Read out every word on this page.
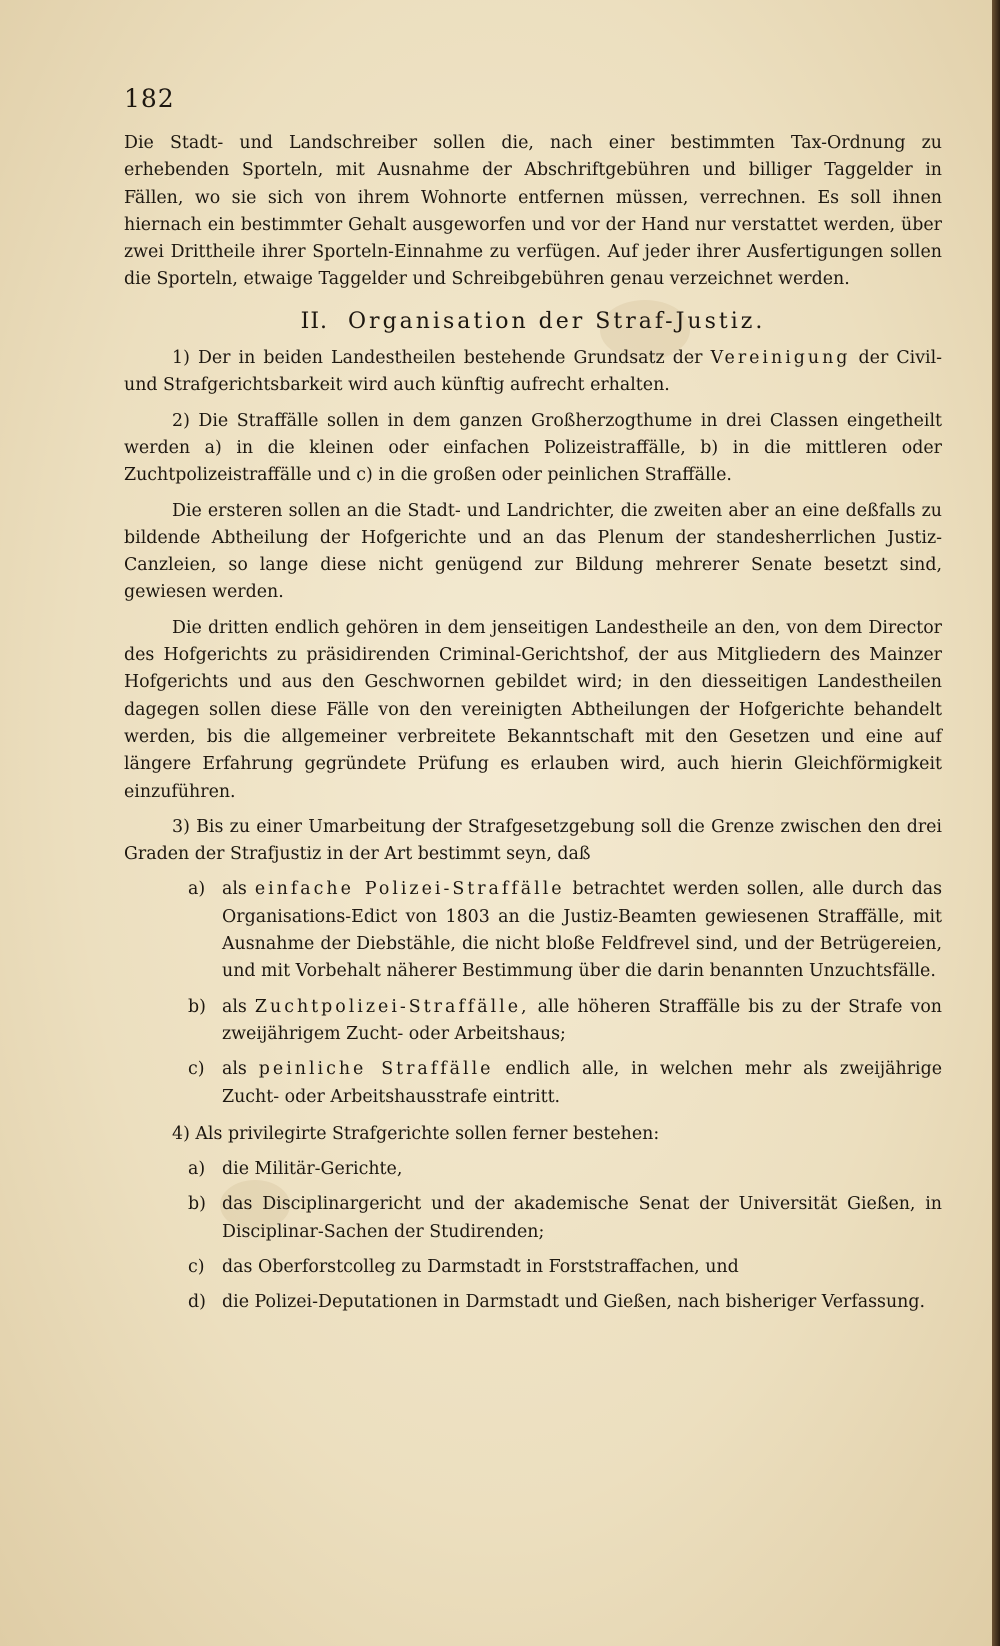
182

Die Stadt- und Landschreiber sollen die, nach einer bestimmten Tax-Ordnung zu erhebenden Sporteln, mit Ausnahme der Abschriftgebühren und billiger Taggelder in Fällen, wo sie sich von ihrem Wohnorte entfernen müssen, verrechnen. Es soll ihnen hiernach ein bestimmter Gehalt ausgeworfen und vor der Hand nur verstattet werden, über zwei Drittheile ihrer Sporteln-Einnahme zu verfügen. Auf jeder ihrer Ausfertigungen sollen die Sporteln, etwaige Taggelder und Schreibgebühren genau verzeichnet werden.

II. Organisation der Straf-Justiz.

1) Der in beiden Landestheilen bestehende Grundsatz der Vereinigung der Civil- und Strafgerichtsbarkeit wird auch künftig aufrecht erhalten.

2) Die Straffälle sollen in dem ganzen Großherzogthume in drei Classen eingetheilt werden a) in die kleinen oder einfachen Polizeistraffälle, b) in die mittleren oder Zuchtpolizeistraffälle und c) in die großen oder peinlichen Straffälle.

Die ersteren sollen an die Stadt- und Landrichter, die zweiten aber an eine deßfalls zu bildende Abtheilung der Hofgerichte und an das Plenum der standesherrlichen Justiz-Canzleien, so lange diese nicht genügend zur Bildung mehrerer Senate besetzt sind, gewiesen werden.

Die dritten endlich gehören in dem jenseitigen Landestheile an den, von dem Director des Hofgerichts zu präsidirenden Criminal-Gerichtshof, der aus Mitgliedern des Mainzer Hofgerichts und aus den Geschwornen gebildet wird; in den diesseitigen Landestheilen dagegen sollen diese Fälle von den vereinigten Abtheilungen der Hofgerichte behandelt werden, bis die allgemeiner verbreitete Bekanntschaft mit den Gesetzen und eine auf längere Erfahrung gegründete Prüfung es erlauben wird, auch hierin Gleichförmigkeit einzuführen.

3) Bis zu einer Umarbeitung der Strafgesetzgebung soll die Grenze zwischen den drei Graden der Strafjustiz in der Art bestimmt seyn, daß

a) als einfache Polizei-Straffälle betrachtet werden sollen, alle durch das Organisations-Edict von 1803 an die Justiz-Beamten gewiesenen Straffälle, mit Ausnahme der Diebstähle, die nicht bloße Feldfrevel sind, und der Betrügereien, und mit Vorbehalt näherer Bestimmung über die darin benannten Unzuchtsfälle.
b) als Zuchtpolizei-Straffälle, alle höheren Straffälle bis zu der Strafe von zweijährigem Zucht- oder Arbeitshaus;
c)	als peinliche Straffälle endlich alle, in welchen mehr als zweijährige Zucht- oder Arbeitshausstrafe eintritt.

4) Als privilegirte Strafgerichte sollen ferner bestehen:

a) die Militär-Gerichte,
b) das Disciplinargericht und der akademische Senat der Universität Gießen, in Disciplinar-Sachen der Studirenden;
c)	das Oberforstcolleg zu Darmstadt in Forststraffachen, und
d) die Polizei-Deputationen in Darmstadt und Gießen, nach bisheriger Verfassung.
